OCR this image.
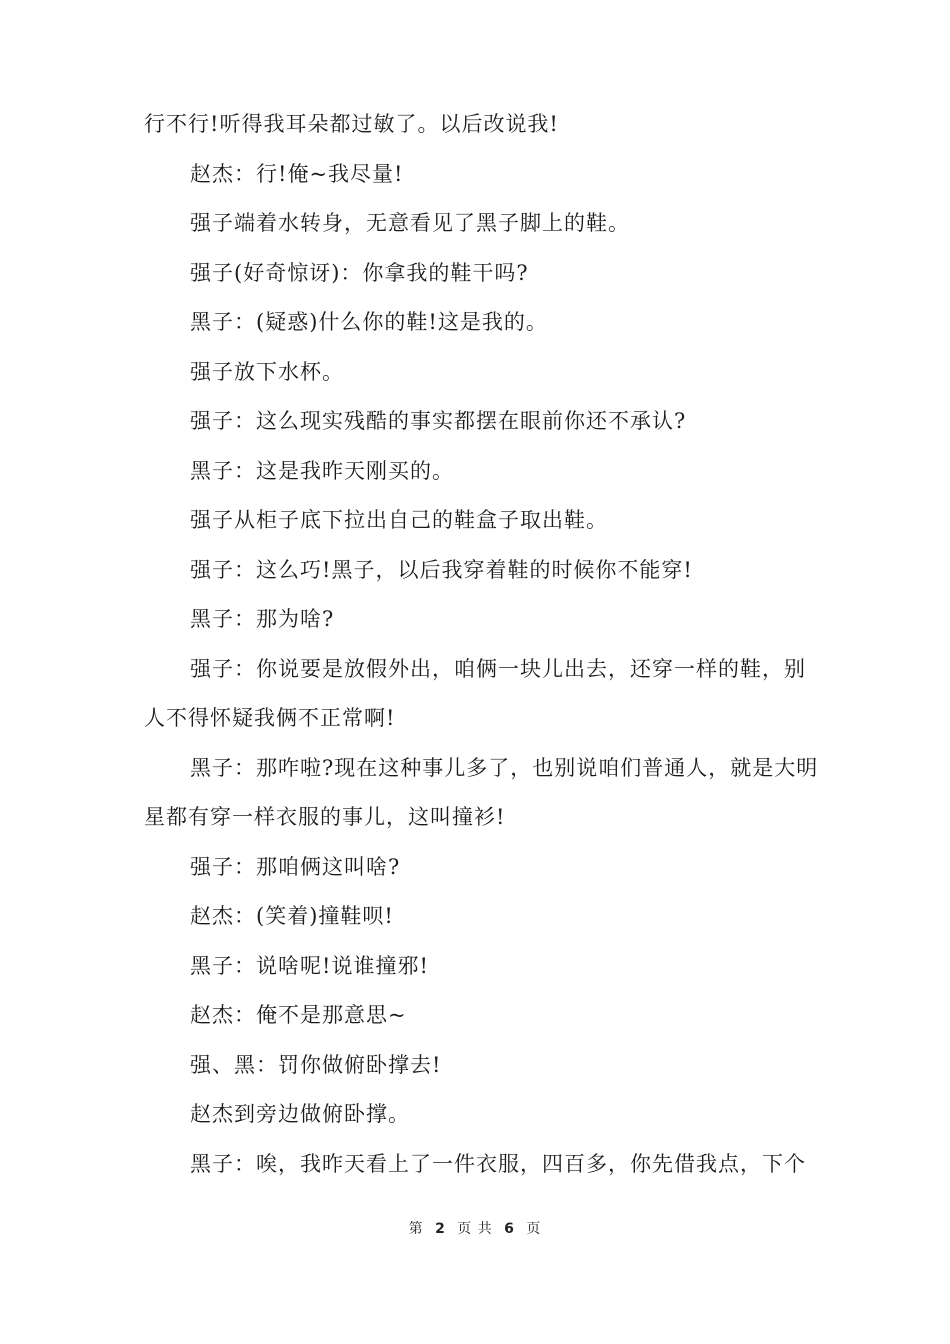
行不行!听得我耳朵都过敏了。以后改说我!

赵杰：行!俺~我尽量!

强子端着水转身，无意看见了黑子脚上的鞋。

强子(好奇惊讶)：你拿我的鞋干吗?

黑子：(疑惑)什么你的鞋!这是我的。

强子放下水杯。

强子：这么现实残酷的事实都摆在眼前你还不承认?

黑子：这是我昨天刚买的。

强子从柜子底下拉出自己的鞋盒子取出鞋。

强子：这么巧!黑子，以后我穿着鞋的时候你不能穿!

黑子：那为啥?

强子：你说要是放假外出，咱俩一块儿出去，还穿一样的鞋，别人不得怀疑我俩不正常啊!

黑子：那咋啦?现在这种事儿多了，也别说咱们普通人，就是大明星都有穿一样衣服的事儿，这叫撞衫!

强子：那咱俩这叫啥?

赵杰：(笑着)撞鞋呗!

黑子：说啥呢!说谁撞邪!

赵杰：俺不是那意思~

强、黑：罚你做俯卧撑去!

赵杰到旁边做俯卧撑。

黑子：唉，我昨天看上了一件衣服，四百多，你先借我点，下个

第 2 页 共 6 页
